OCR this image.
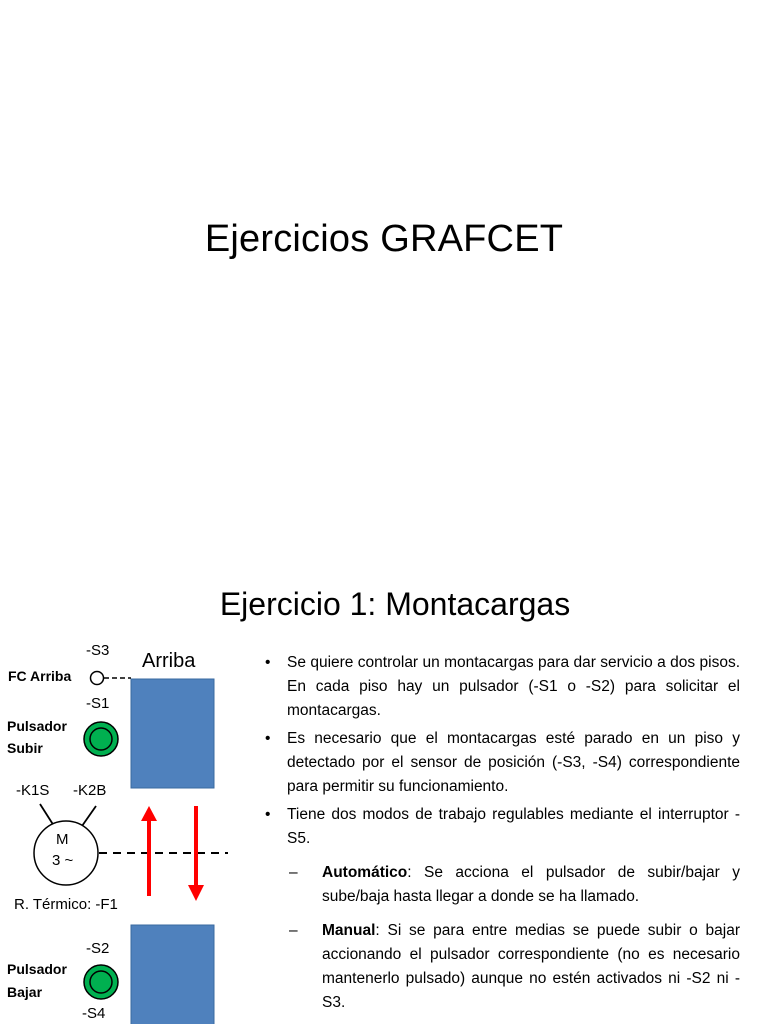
Ejercicios GRAFCET
Ejercicio 1: Montacargas
-S3
FC Arriba
Arriba
-S1
Pulsador
Subir
-K1S -K2B
M
3 ~
R. Térmico: -F1
-S2
Pulsador
Bajar
-S4
• Se quiere controlar un montacargas para dar servicio a dos pisos. En cada piso hay un pulsador (-S1 o -S2) para solicitar el montacargas.
• Es necesario que el montacargas esté parado en un piso y detectado por el sensor de posición (-S3, -S4) correspondiente para permitir su funcionamiento.
• Tiene dos modos de trabajo regulables mediante el interruptor -S5.
– Automático: Se acciona el pulsador de subir/bajar y sube/baja hasta llegar a donde se ha llamado.
– Manual: Si se para entre medias se puede subir o bajar accionando el pulsador correspondiente (no es necesario mantenerlo pulsado) aunque no estén activados ni -S2 ni -S3.
